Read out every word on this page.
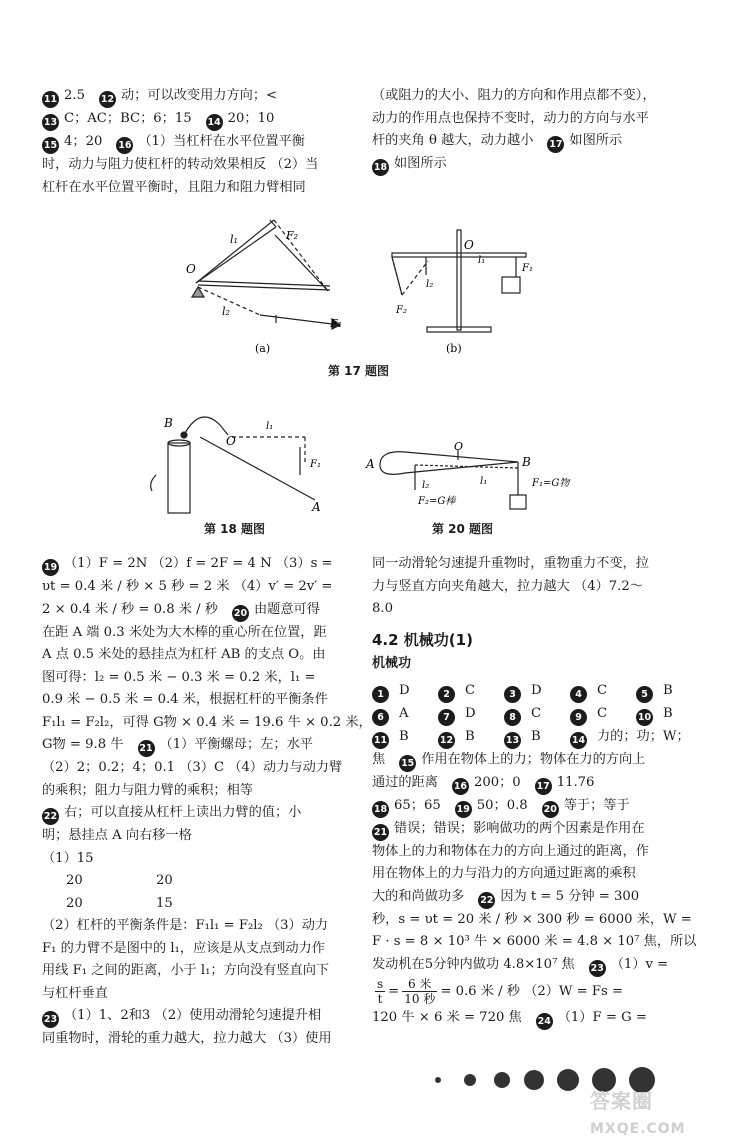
11 2.5 12 动；可以改变用力方向；<

13 C；AC；BC；6；15 14 20；10

15 4；20 16 （1）当杠杆在水平位置平衡

时，动力与阻力使杠杆的转动效果相反 （2）当

杠杆在水平位置平衡时，且阻力和阻力臂相同

（或阻力的大小、阻力的方向和作用点都不变），

动力的作用点也保持不变时，动力的方向与水平

杆的夹角 θ 越大，动力越小 17 如图所示

18 如图所示

O
l₁	F₂
l₂
F₁
(a)
O
l₁
F₁
l₂
F₂
(b)
第 17 题图
B
O
l₁
F₁
A
第 18 题图
A
O
B
l₂	l₁
F₂=G棒
F₁=G物
第 20 题图

19 （1）F = 2N （2）f = 2F = 4 N （3）s =

υt = 0.4 米 / 秒 × 5 秒 = 2 米 （4）v′ = 2v′ =

2 × 0.4 米 / 秒 = 0.8 米 / 秒 20 由题意可得

在距 A 端 0.3 米处为大木棒的重心所在位置，距

A 点 0.5 米处的悬挂点为杠杆 AB 的支点 O。由

图可得：l₂ = 0.5 米 − 0.3 米 = 0.2 米，l₁ =

0.9 米 − 0.5 米 = 0.4 米，根据杠杆的平衡条件

F₁l₁ = F₂l₂，可得 G物 × 0.4 米 = 19.6 牛 × 0.2 米，

G物 = 9.8 牛 21 （1）平衡螺母；左；水平

（2）2；0.2；4；0.1 （3）C （4）动力与动力臂

的乘积；阻力与阻力臂的乘积；相等

22 右；可以直接从杠杆上读出力臂的值；小

明；悬挂点 A 向右移一格

（1）15

20	20

20	15

（2）杠杆的平衡条件是：F₁l₁ = F₂l₂ （3）动力

F₁ 的力臂不是图中的 l₁，应该是从支点到动力作

用线 F₁ 之间的距离，小于 l₁；方向没有竖直向下

与杠杆垂直

23 （1）1、2和3 （2）使用动滑轮匀速提升相

同重物时，滑轮的重力越大，拉力越大 （3）使用

同一动滑轮匀速提升重物时，重物重力不变，拉

力与竖直方向夹角越大，拉力越大 （4）7.2～

8.0

4.2 机械功(1)
机械功

1 D	2 C	3 D	4 C	5 B

6 A	7 D	8 C	9 C	10 B

11 B	12 B	13 B	14 力的；功；W；

焦 15 作用在物体上的力；物体在力的方向上

通过的距离 16 200；0 17 11.76

18 65；65 19 50；0.8 20 等于；等于

21 错误；错误；影响做功的两个因素是作用在

物体上的力和物体在力的方向上通过的距离，作

用在物体上的力与沿力的方向通过距离的乘积

大的和尚做功多 22 因为 t = 5 分钟 = 300

秒，s = υt = 20 米 / 秒 × 300 秒 = 6000 米，W =

F · s = 8 × 10³ 牛 × 6000 米 = 4.8 × 10⁷ 焦，所以

发动机在5分钟内做功 4.8×10⁷ 焦 23 （1）v =

$\frac{s}{t} = \frac{\text{6 米}}{\text{10 秒}} = 0.6$ 米 / 秒 （2）W = Fs =

120 牛 × 6 米 = 720 焦 24 （1）F = G =

答案圈
MXQE.COM
